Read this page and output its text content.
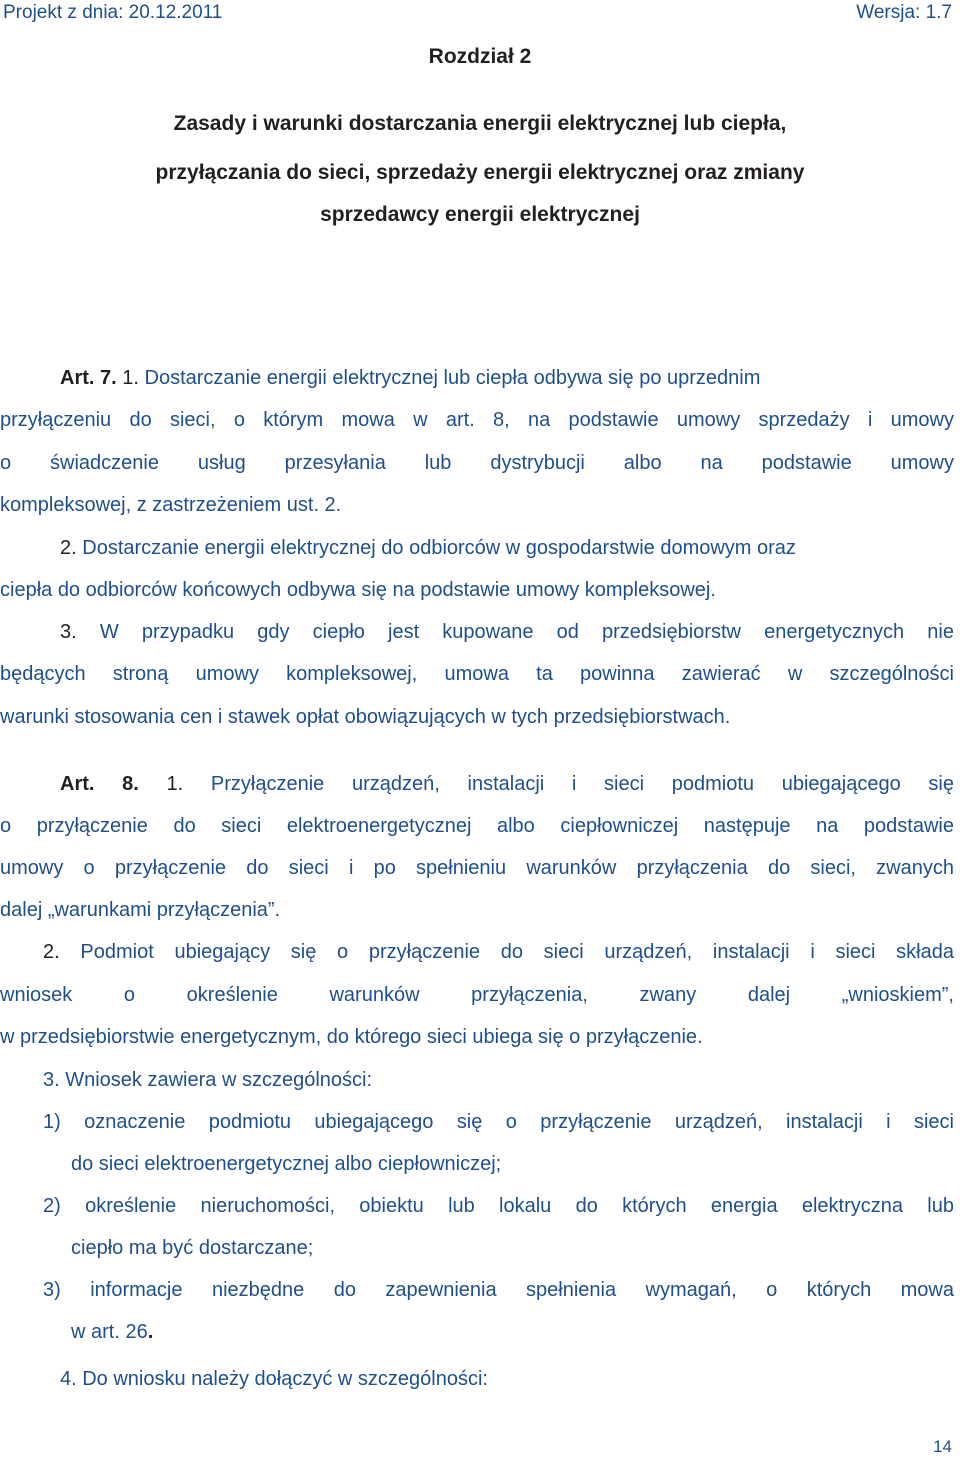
Projekt z dnia: 20.12.2011	Wersja: 1.7
Rozdział 2
Zasady i warunki dostarczania energii elektrycznej lub ciepła,
przyłączania do sieci, sprzedaży energii elektrycznej oraz zmiany
sprzedawcy energii elektrycznej
Art. 7. 1. Dostarczanie energii elektrycznej lub ciepła odbywa się po uprzednim
przyłączeniu do sieci, o którym mowa w art. 8, na podstawie umowy sprzedaży i umowy
o świadczenie usług przesyłania lub dystrybucji albo na podstawie umowy
kompleksowej, z zastrzeżeniem ust. 2.
2. Dostarczanie energii elektrycznej do odbiorców w gospodarstwie domowym oraz
ciepła do odbiorców końcowych odbywa się na podstawie umowy kompleksowej.
3. W przypadku gdy ciepło jest kupowane od przedsiębiorstw energetycznych nie
będących stroną umowy kompleksowej, umowa ta powinna zawierać w szczególności
warunki stosowania cen i stawek opłat obowiązujących w tych przedsiębiorstwach.
Art. 8. 1. Przyłączenie urządzeń, instalacji i sieci podmiotu ubiegającego się
o przyłączenie do sieci elektroenergetycznej albo ciepłowniczej następuje na podstawie
umowy o przyłączenie do sieci i po spełnieniu warunków przyłączenia do sieci, zwanych
dalej „warunkami przyłączenia”.
2. Podmiot ubiegający się o przyłączenie do sieci urządzeń, instalacji i sieci składa
wniosek o określenie warunków przyłączenia, zwany dalej „wnioskiem”,
w przedsiębiorstwie energetycznym, do którego sieci ubiega się o przyłączenie.
3. Wniosek zawiera w szczególności:
1) oznaczenie podmiotu ubiegającego się o przyłączenie urządzeń, instalacji i sieci
do sieci elektroenergetycznej albo ciepłowniczej;
2) określenie nieruchomości, obiektu lub lokalu do których energia elektryczna lub
ciepło ma być dostarczane;
3) informacje niezbędne do zapewnienia spełnienia wymagań, o których mowa
w art. 26.
4. Do wniosku należy dołączyć w szczególności:
14
